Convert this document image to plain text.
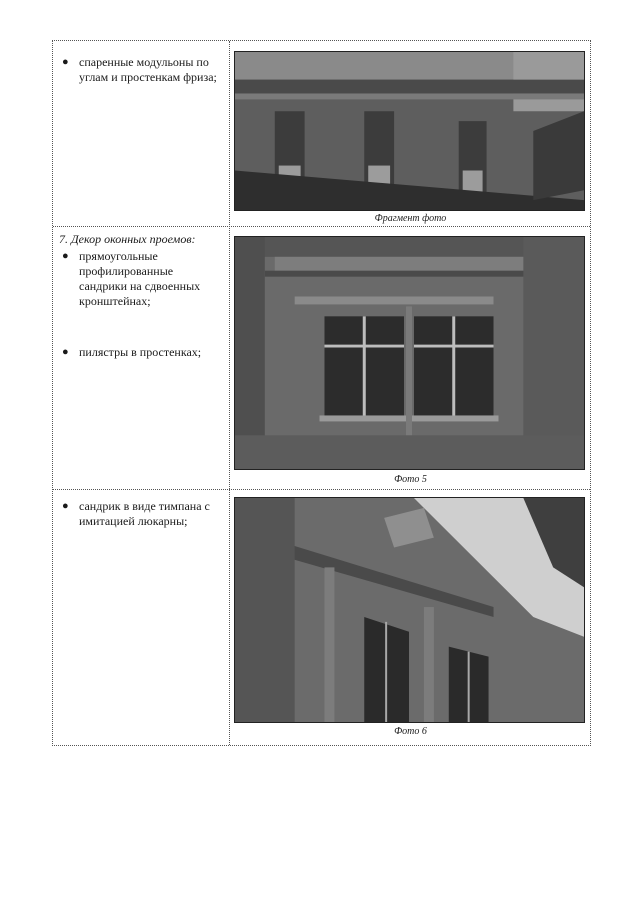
● спаренные модульоны по углам и простенкам фриза;

Фрагмент фото

7. Декор оконных проемов:

● прямоугольные профилированные сандрики на сдвоенных кронштейнах;

● пилястры в простенках;

Фото 5

● сандрик в виде тимпана с имитацией люкарны;

Фото 6
